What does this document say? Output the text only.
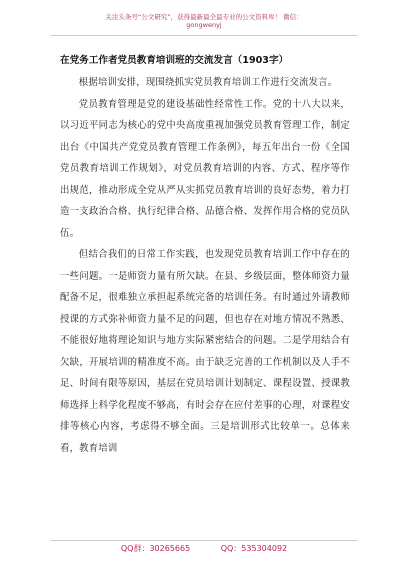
关注头条号“公文研究”，获得最新最全最专业的公文资料库！ 微信：gongwenyj
在党务工作者党员教育培训班的交流发言（1903字）

根据培训安排，现围绕抓实党员教育培训工作进行交流发言。

党员教育管理是党的建设基础性经常性工作。党的十八大以来，以习近平同志为核心的党中央高度重视加强党员教育管理工作，制定出台《中国共产党党员教育管理工作条例》，每五年出台一份《全国党员教育培训工作规划》，对党员教育培训的内容、方式、程序等作出规范，推动形成全党从严从实抓党员教育培训的良好态势，着力打造一支政治合格、执行纪律合格、品德合格、发挥作用合格的党员队伍。

但结合我们的日常工作实践，也发现党员教育培训工作中存在的一些问题。一是师资力量有所欠缺。在县、乡级层面，整体师资力量配备不足，很难独立承担起系统完备的培训任务。有时通过外请教师授课的方式弥补师资力量不足的问题，但也存在对地方情况不熟悉、不能很好地将理论知识与地方实际紧密结合的问题。二是学用结合有欠缺，开展培训的精准度不高。由于缺乏完善的工作机制以及人手不足、时间有限等原因，基层在党员培训计划制定、课程设置、授课教师选择上科学化程度不够高，有时会存在应付差事的心理，对课程安排等核心内容，考虑得不够全面。三是培训形式比较单一。总体来看，教育培训

QQ群：30265665	QQ：535304092
